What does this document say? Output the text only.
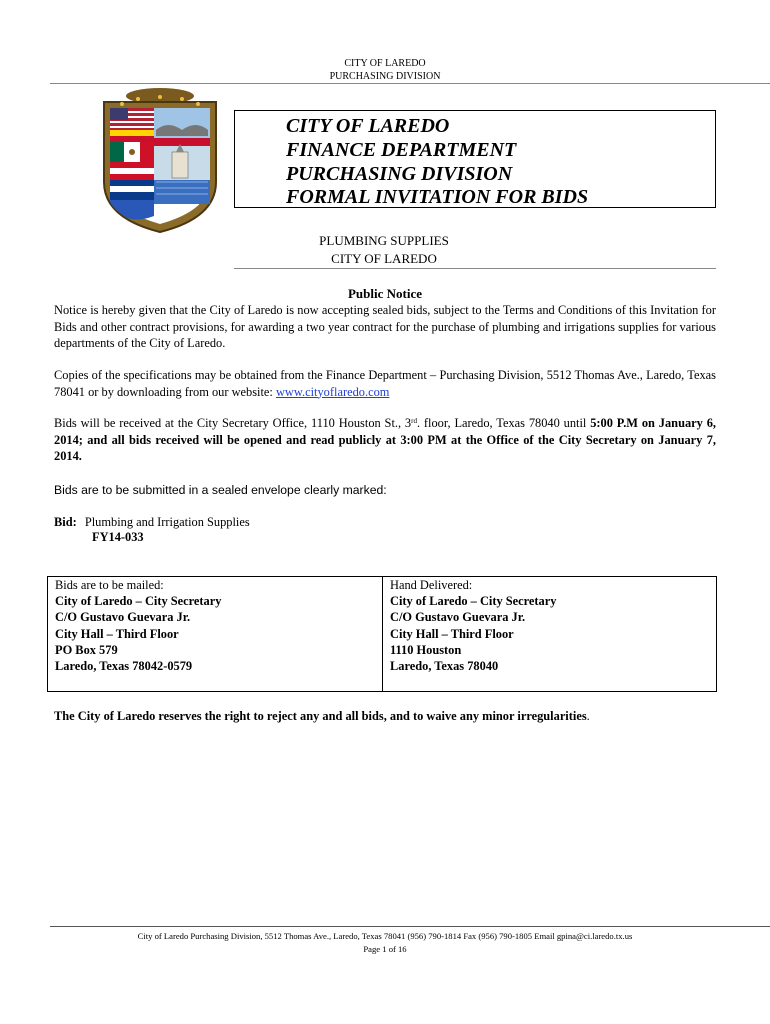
CITY OF LAREDO
PURCHASING DIVISION
CITY OF LAREDO
FINANCE DEPARTMENT
PURCHASING DIVISION
FORMAL INVITATION FOR BIDS
PLUMBING SUPPLIES
CITY OF LAREDO
Public Notice
Notice is hereby given that the City of Laredo is now accepting sealed bids, subject to the Terms and Conditions of this Invitation for Bids and other contract provisions, for awarding a two year contract for the purchase of plumbing and irrigations supplies for various departments of the City of Laredo.
Copies of the specifications may be obtained from the Finance Department – Purchasing Division, 5512 Thomas Ave., Laredo, Texas 78041 or by downloading from our website: www.cityoflaredo.com
Bids will be received at the City Secretary Office, 1110 Houston St., 3rd. floor, Laredo, Texas 78040 until 5:00 P.M on January 6, 2014; and all bids received will be opened and read publicly at 3:00 PM at the Office of the City Secretary on January 7, 2014.
Bids are to be submitted in a sealed envelope clearly marked:
Bid: Plumbing and Irrigation Supplies
FY14-033
Bids are to be mailed:
City of Laredo – City Secretary
C/O Gustavo Guevara Jr.
City Hall – Third Floor
PO Box 579
Laredo, Texas 78042-0579
Hand Delivered:
City of Laredo – City Secretary
C/O Gustavo Guevara Jr.
City Hall – Third Floor
1110 Houston
Laredo, Texas 78040
The City of Laredo reserves the right to reject any and all bids, and to waive any minor irregularities.
City of Laredo Purchasing Division, 5512 Thomas Ave., Laredo, Texas 78041 (956) 790-1814 Fax (956) 790-1805 Email gpina@ci.laredo.tx.us
Page 1 of 16
